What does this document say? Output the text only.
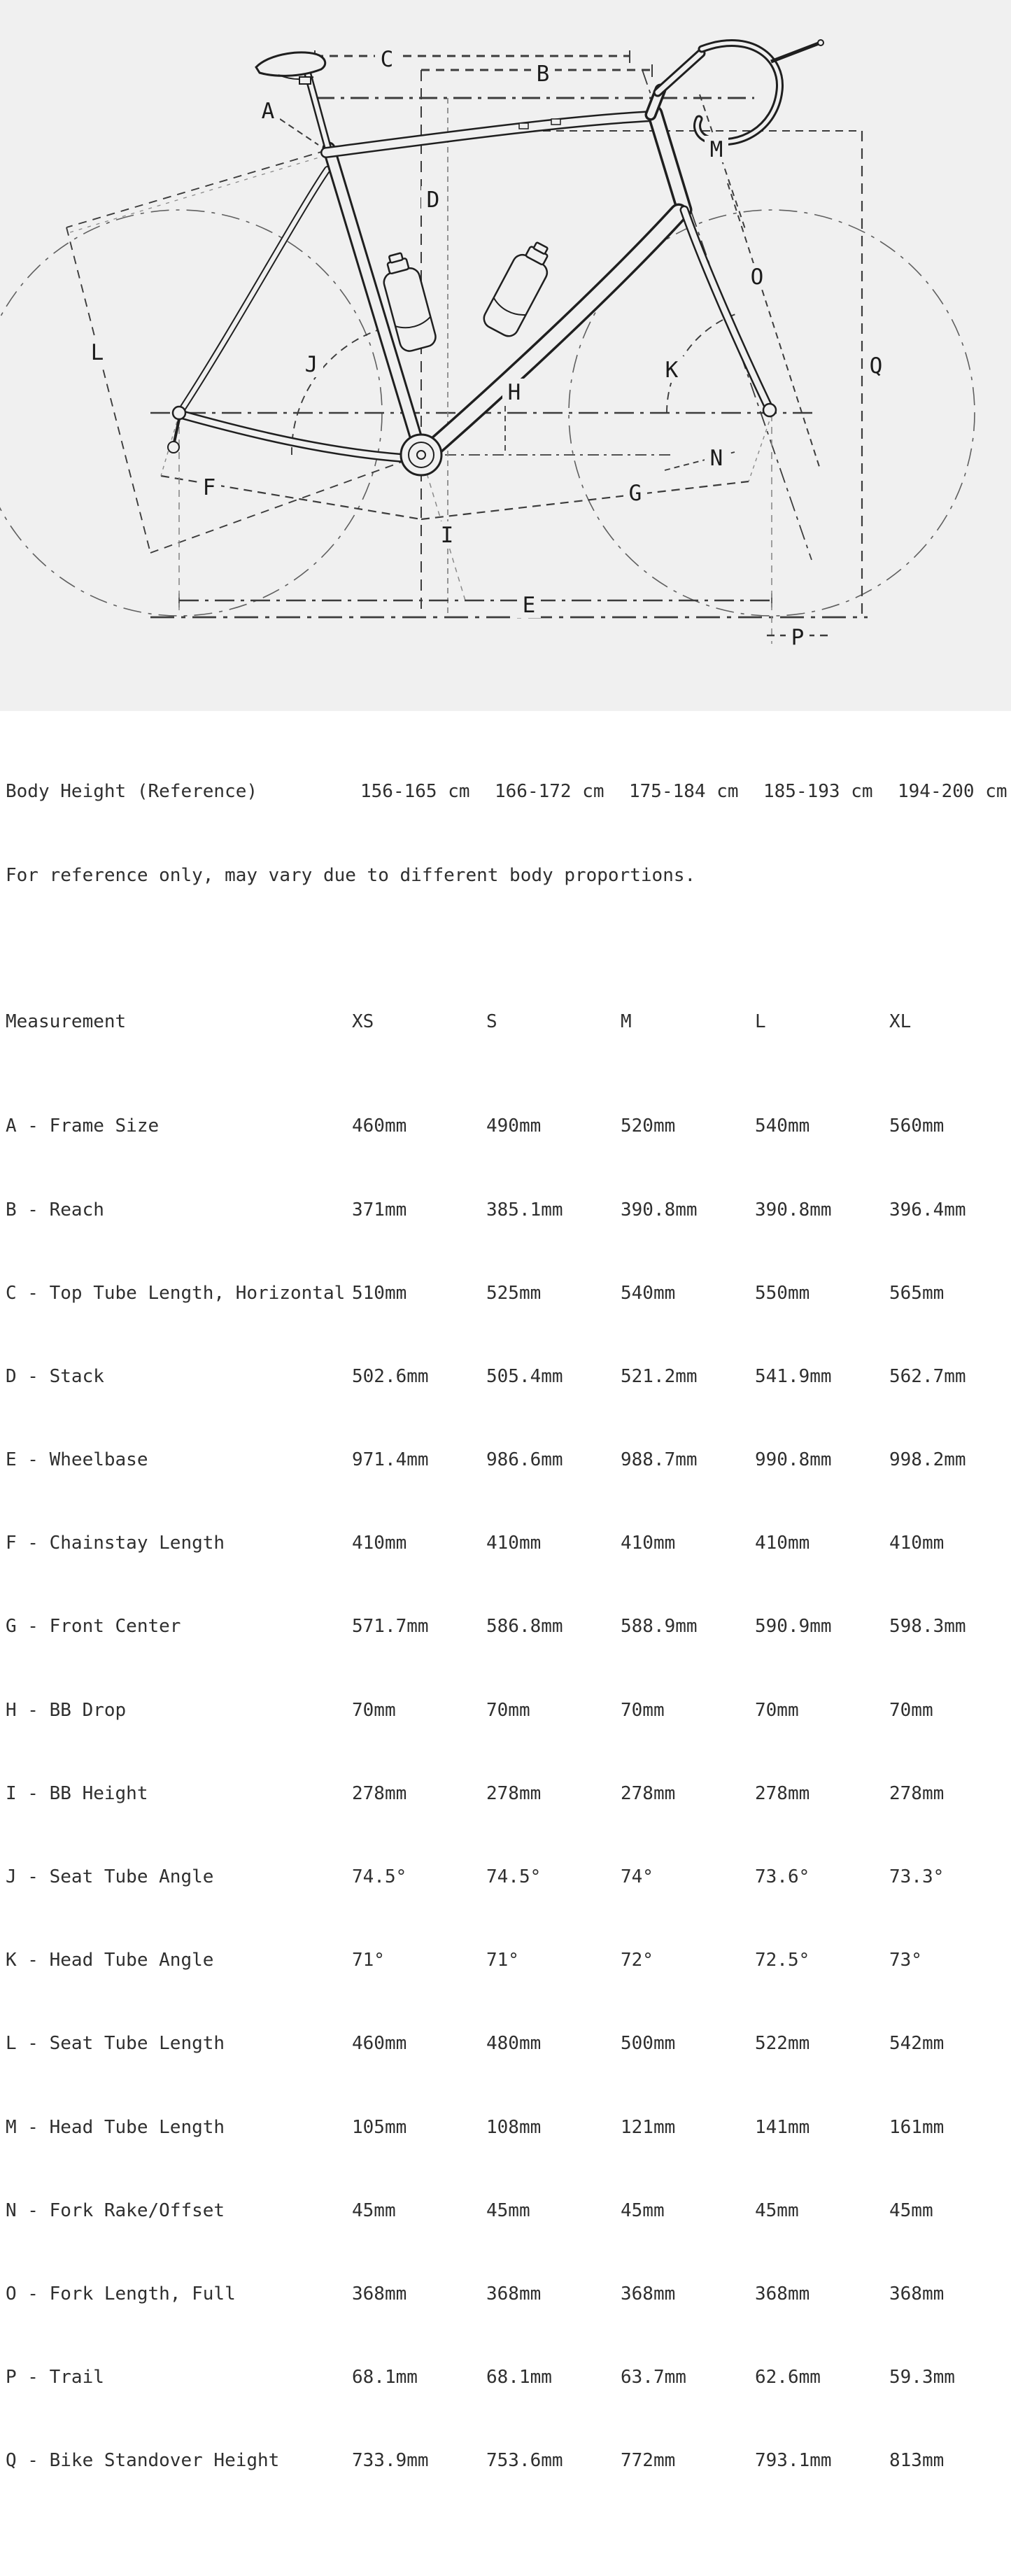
A
B
C
D
E
F	G
H
I
J	K
L
M
N
O
P
Q

Body Height (Reference)

	156-165 cm 166-172 cm 175-184 cm 185-193 cm 194-200 cm

For reference only, may vary due to different body proportions.

Measurement

	XS	S	M	L	XL

A - Frame Size

	460mm	490mm	520mm	540mm	560mm

B - Reach

	371mm	385.1mm	390.8mm	390.8mm	396.4mm

C - Top Tube Length, Horizontal

510mm	525mm	540mm	550mm	565mm

D - Stack

	502.6mm	505.4mm	521.2mm	541.9mm	562.7mm

E - Wheelbase

	971.4mm	986.6mm	988.7mm	990.8mm	998.2mm

F - Chainstay Length

	410mm	410mm	410mm	410mm	410mm

G - Front Center

	571.7mm	586.8mm	588.9mm	590.9mm	598.3mm

H - BB Drop

	70mm	70mm	70mm	70mm	70mm

I - BB Height

	278mm	278mm	278mm	278mm	278mm

J - Seat Tube Angle

	74.5°	74.5°	74°	73.6°	73.3°

K - Head Tube Angle

	71°	71°	72°	72.5°	73°

L - Seat Tube Length

	460mm	480mm	500mm	522mm	542mm

M - Head Tube Length

	105mm	108mm	121mm	141mm	161mm

N - Fork Rake/Offset

	45mm	45mm	45mm	45mm	45mm

O - Fork Length, Full

	368mm	368mm	368mm	368mm	368mm

P - Trail

	68.1mm	68.1mm	63.7mm	62.6mm	59.3mm

Q - Bike Standover Height

	733.9mm	753.6mm	772mm	793.1mm	813mm
